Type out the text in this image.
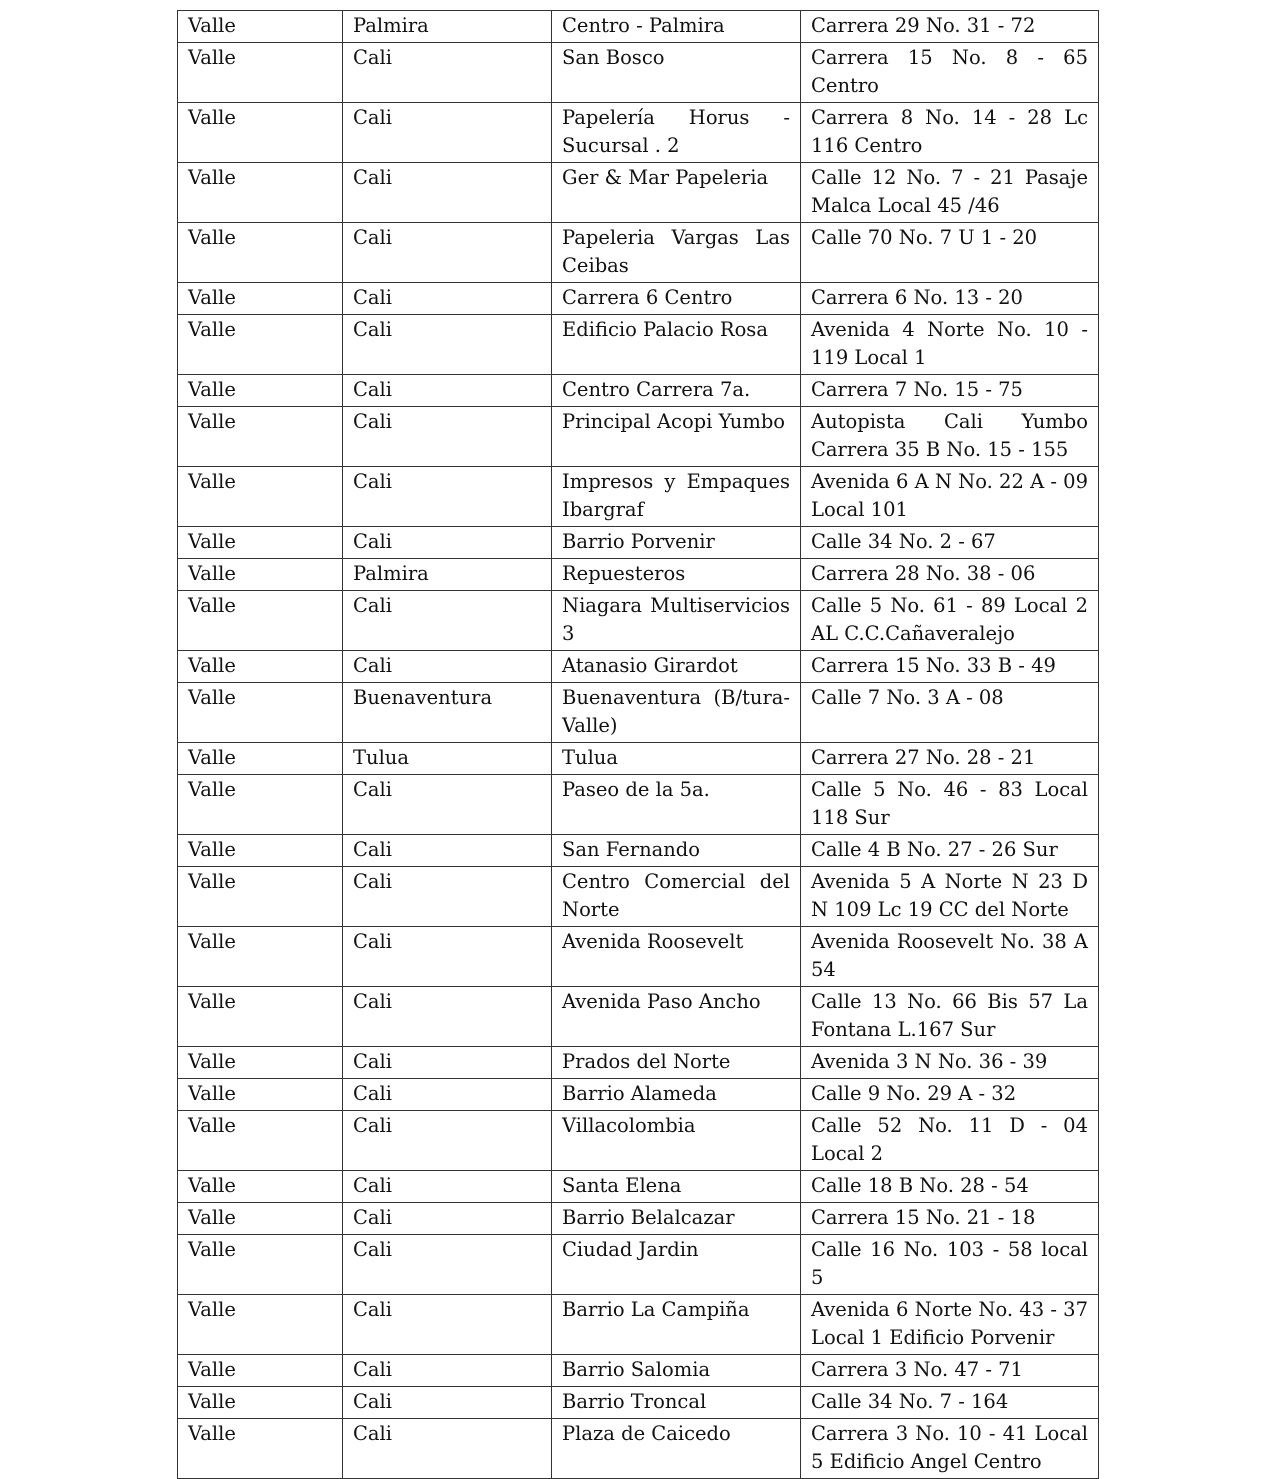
Valle	Palmira	Centro - Palmira	Carrera 29 No. 31 - 72
Valle	Cali	San Bosco	Carrera 15 No. 8 - 65 Centro
Valle	Cali	Papelería Horus - Sucursal . 2	Carrera 8 No. 14 - 28 Lc 116 Centro
Valle	Cali	Ger & Mar Papeleria	Calle 12 No. 7 - 21 Pasaje Malca Local 45 /46
Valle	Cali	Papeleria Vargas Las Ceibas	Calle 70 No. 7 U 1 - 20
Valle	Cali	Carrera 6 Centro	Carrera 6 No. 13 - 20
Valle	Cali	Edificio Palacio Rosa	Avenida 4 Norte No. 10 - 119 Local 1
Valle	Cali	Centro Carrera 7a.	Carrera 7 No. 15 - 75
Valle	Cali	Principal Acopi Yumbo	Autopista Cali Yumbo Carrera 35 B No. 15 - 155
Valle	Cali	Impresos y Empaques Ibargraf	Avenida 6 A N No. 22 A - 09 Local 101
Valle	Cali	Barrio Porvenir	Calle 34 No. 2 - 67
Valle	Palmira	Repuesteros	Carrera 28 No. 38 - 06
Valle	Cali	Niagara Multiservicios 3	Calle 5 No. 61 - 89 Local 2 AL C.C.Cañaveralejo
Valle	Cali	Atanasio Girardot	Carrera 15 No. 33 B - 49
Valle	Buenaventura	Buenaventura (B/tura-Valle)	Calle 7 No. 3 A - 08
Valle	Tulua	Tulua	Carrera 27 No. 28 - 21
Valle	Cali	Paseo de la 5a.	Calle 5 No. 46 - 83 Local 118 Sur
Valle	Cali	San Fernando	Calle 4 B No. 27 - 26 Sur
Valle	Cali	Centro Comercial del Norte	Avenida 5 A Norte N 23 D N 109 Lc 19 CC del Norte
Valle	Cali	Avenida Roosevelt	Avenida Roosevelt No. 38 A 54
Valle	Cali	Avenida Paso Ancho	Calle 13 No. 66 Bis 57 La Fontana L.167 Sur
Valle	Cali	Prados del Norte	Avenida 3 N No. 36 - 39
Valle	Cali	Barrio Alameda	Calle 9 No. 29 A - 32
Valle	Cali	Villacolombia	Calle 52 No. 11 D - 04 Local 2
Valle	Cali	Santa Elena	Calle 18 B No. 28 - 54
Valle	Cali	Barrio Belalcazar	Carrera 15 No. 21 - 18
Valle	Cali	Ciudad Jardin	Calle 16 No. 103 - 58 local 5
Valle	Cali	Barrio La Campiña	Avenida 6 Norte No. 43 - 37 Local 1 Edificio Porvenir
Valle	Cali	Barrio Salomia	Carrera 3 No. 47 - 71
Valle	Cali	Barrio Troncal	Calle 34 No. 7 - 164
Valle	Cali	Plaza de Caicedo	Carrera 3 No. 10 - 41 Local 5 Edificio Angel Centro
